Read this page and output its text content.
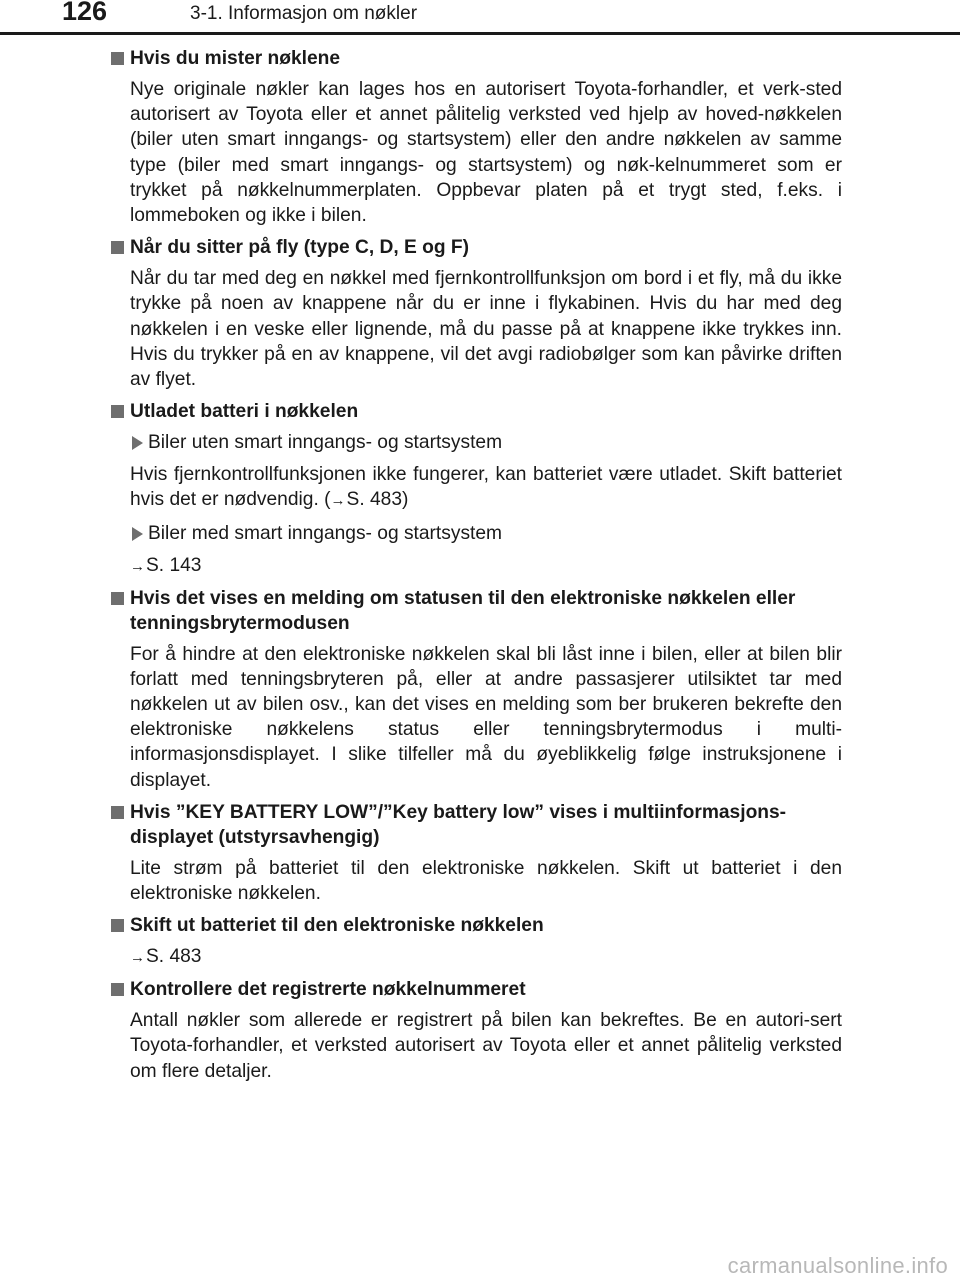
126	3-1. Informasjon om nøkler
Hvis du mister nøklene
Nye originale nøkler kan lages hos en autorisert Toyota-forhandler, et verk-sted autorisert av Toyota eller et annet pålitelig verksted ved hjelp av hoved-nøkkelen (biler uten smart inngangs- og startsystem) eller den andre nøkkelen av samme type (biler med smart inngangs- og startsystem) og nøk-kelnummeret som er trykket på nøkkelnummerplaten. Oppbevar platen på et trygt sted, f.eks. i lommeboken og ikke i bilen.
Når du sitter på fly (type C, D, E og F)
Når du tar med deg en nøkkel med fjernkontrollfunksjon om bord i et fly, må du ikke trykke på noen av knappene når du er inne i flykabinen. Hvis du har med deg nøkkelen i en veske eller lignende, må du passe på at knappene ikke trykkes inn. Hvis du trykker på en av knappene, vil det avgi radiobølger som kan påvirke driften av flyet.
Utladet batteri i nøkkelen
Biler uten smart inngangs- og startsystem
Hvis fjernkontrollfunksjonen ikke fungerer, kan batteriet være utladet. Skift batteriet hvis det er nødvendig. (→S. 483)
Biler med smart inngangs- og startsystem
→S. 143
Hvis det vises en melding om statusen til den elektroniske nøkkelen eller tenningsbrytermodusen
For å hindre at den elektroniske nøkkelen skal bli låst inne i bilen, eller at bilen blir forlatt med tenningsbryteren på, eller at andre passasjerer utilsiktet tar med nøkkelen ut av bilen osv., kan det vises en melding som ber brukeren bekrefte den elektroniske nøkkelens status eller tenningsbrytermodus i multi-informasjonsdisplayet. I slike tilfeller må du øyeblikkelig følge instruksjonene i displayet.
Hvis ”KEY BATTERY LOW”/”Key battery low” vises i multiinformasjons-displayet (utstyrsavhengig)
Lite strøm på batteriet til den elektroniske nøkkelen. Skift ut batteriet i den elektroniske nøkkelen.
Skift ut batteriet til den elektroniske nøkkelen
→S. 483
Kontrollere det registrerte nøkkelnummeret
Antall nøkler som allerede er registrert på bilen kan bekreftes. Be en autori-sert Toyota-forhandler, et verksted autorisert av Toyota eller et annet pålitelig verksted om flere detaljer.
carmanualsonline.info
